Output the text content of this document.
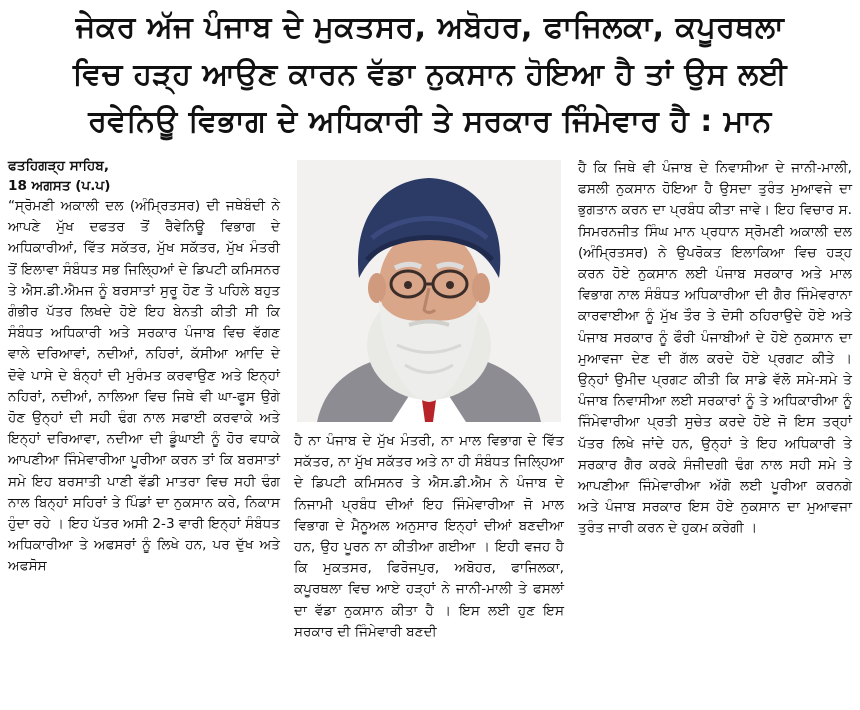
ਜੇਕਰ ਅੱਜ ਪੰਜਾਬ ਦੇ ਮੁਕਤਸਰ, ਅਬੋਹਰ, ਫਾਜਿਲਕਾ, ਕਪੂਰਥਲਾ
ਵਿਚ ਹੜ੍ਹ ਆਉਣ ਕਾਰਨ ਵੱਡਾ ਨੁਕਸਾਨ ਹੋਇਆ ਹੈ ਤਾਂ ਉਸ ਲਈ
ਰਵੇਨਿਊ ਵਿਭਾਗ ਦੇ ਅਧਿਕਾਰੀ ਤੇ ਸਰਕਾਰ ਜਿੰਮੇਵਾਰ ਹੈ : ਮਾਨ
ਫਤਹਿਗੜ੍ਹ ਸਾਹਿਬ,
18 ਅਗਸਤ (ਪ.ਪ)

“ਸ੍ਰੋਮਣੀ ਅਕਾਲੀ ਦਲ (ਅੰਮ੍ਰਿਤਸਰ) ਦੀ ਜਥੇਬੰਦੀ ਨੇ ਆਪਣੇ ਮੁੱਖ ਦਫਤਰ ਤੋਂ ਰੈਵੇਨਿਊ ਵਿਭਾਗ ਦੇ ਅਧਿਕਾਰੀਆਂ, ਵਿੱਤ ਸਕੱਤਰ, ਮੁੱਖ ਸਕੱਤਰ, ਮੁੱਖ ਮੰਤਰੀ ਤੋਂ ਇਲਾਵਾ ਸੰਬੰਧਤ ਸਭ ਜਿਲ੍ਹਿਆਂ ਦੇ ਡਿਪਟੀ ਕਮਿਸਨਰ ਤੇ ਐਸ.ਡੀ.ਐਮਜ ਨੂੰ ਬਰਸਾਤਾਂ ਸੁਰੂ ਹੋਣ ਤੋ ਪਹਿਲੇ ਬਹੁਤ ਗੰਭੀਰ ਪੱਤਰ ਲਿਖਦੇ ਹੋਏ ਇਹ ਬੇਨਤੀ ਕੀਤੀ ਸੀ ਕਿ ਸੰਬੰਧਤ ਅਧਿਕਾਰੀ ਅਤੇ ਸਰਕਾਰ ਪੰਜਾਬ ਵਿਚ ਵੱਗਣ ਵਾਲੇ ਦਰਿਆਵਾਂ, ਨਦੀਆਂ, ਨਹਿਰਾਂ, ਕੱਸੀਆ ਆਦਿ ਦੇ ਦੋਵੇ ਪਾਸੇ ਦੇ ਬੰਨ੍ਹਾਂ ਦੀ ਮੁਰੰਮਤ ਕਰਵਾਉਣ ਅਤੇ ਇਨ੍ਹਾਂ ਨਹਿਰਾਂ, ਨਦੀਆਂ, ਨਾਲਿਆ ਵਿਚ ਜਿਥੇ ਵੀ ਘਾ-ਫੂਸ ਉਗੇ ਹੋਣ ਉਨ੍ਹਾਂ ਦੀ ਸਹੀ ਢੰਗ ਨਾਲ ਸਫਾਈ ਕਰਵਾਕੇ ਅਤੇ ਇਨ੍ਹਾਂ ਦਰਿਆਵਾ, ਨਦੀਆ ਦੀ ਡੂੰਘਾਈ ਨੂੰ ਹੋਰ ਵਧਾਕੇ ਆਪਣੀਆ ਜਿੰਮੇਵਾਰੀਆ ਪੂਰੀਆ ਕਰਨ ਤਾਂ ਕਿ ਬਰਸਾਤਾਂ ਸਮੇ ਇਹ ਬਰਸਾਤੀ ਪਾਣੀ ਵੱਡੀ ਮਾਤਰਾ ਵਿਚ ਸਹੀ ਢੰਗ ਨਾਲ ਬਿਨ੍ਹਾਂ ਸਹਿਰਾਂ ਤੇ ਪਿੰਡਾਂ ਦਾ ਨੁਕਸਾਨ ਕਰੇ, ਨਿਕਾਸ ਹੁੰਦਾ ਰਹੇ । ਇਹ ਪੱਤਰ ਅਸੀ 2-3 ਵਾਰੀ ਇਨ੍ਹਾਂ ਸੰਬੰਧਤ ਅਧਿਕਾਰੀਆ ਤੇ ਅਫਸਰਾਂ ਨੂੰ ਲਿਖੇ ਹਨ, ਪਰ ਦੁੱਖ ਅਤੇ ਅਫਸੋਸ

ਹੈ ਨਾ ਪੰਜਾਬ ਦੇ ਮੁੱਖ ਮੰਤਰੀ, ਨਾ ਮਾਲ ਵਿਭਾਗ ਦੇ ਵਿੱਤ ਸਕੱਤਰ, ਨਾ ਮੁੱਖ ਸਕੱਤਰ ਅਤੇ ਨਾ ਹੀ ਸੰਬੰਧਤ ਜਿਲ੍ਹਿਆ ਦੇ ਡਿਪਟੀ ਕਮਿਸਨਰ ਤੇ ਐਸ.ਡੀ.ਐਮ ਨੇ ਪੰਜਾਬ ਦੇ ਨਿਜਾਮੀ ਪ੍ਰਬੰਧ ਦੀਆਂ ਇਹ ਜਿੰਮੇਵਾਰੀਆ ਜੋ ਮਾਲ ਵਿਭਾਗ ਦੇ ਮੈਨੂਅਲ ਅਨੁਸਾਰ ਇਨ੍ਹਾਂ ਦੀਆਂ ਬਣਦੀਆ ਹਨ, ਉਹ ਪੂਰਨ ਨਾ ਕੀਤੀਆ ਗਈਆ । ਇਹੀ ਵਜਹ ਹੈ ਕਿ ਮੁਕਤਸਰ, ਫਿਰੋਜਪੁਰ, ਅਬੋਹਰ, ਫਾਜਿਲਕਾ, ਕਪੂਰਥਲਾ ਵਿਚ ਆਏ ਹੜ੍ਹਾਂ ਨੇ ਜਾਨੀ-ਮਾਲੀ ਤੇ ਫਸਲਾਂ ਦਾ ਵੱਡਾ ਨੁਕਸਾਨ ਕੀਤਾ ਹੈ । ਇਸ ਲਈ ਹੁਣ ਇਸ ਸਰਕਾਰ ਦੀ ਜਿੰਮੇਵਾਰੀ ਬਣਦੀ

ਹੈ ਕਿ ਜਿਥੇ ਵੀ ਪੰਜਾਬ ਦੇ ਨਿਵਾਸੀਆ ਦੇ ਜਾਨੀ-ਮਾਲੀ, ਫਸਲੀ ਨੁਕਸਾਨ ਹੋਇਆ ਹੈ ਉਸਦਾ ਤੁਰੰਤ ਮੁਆਵਜੇ ਦਾ ਭੁਗਤਾਨ ਕਰਨ ਦਾ ਪ੍ਰਬੰਧ ਕੀਤਾ ਜਾਵੇ। ਇਹ ਵਿਚਾਰ ਸ. ਸਿਮਰਨਜੀਤ ਸਿੰਘ ਮਾਨ ਪ੍ਰਧਾਨ ਸ੍ਰੋਮਣੀ ਅਕਾਲੀ ਦਲ (ਅੰਮ੍ਰਿਤਸਰ) ਨੇ ਉਪਰੋਕਤ ਇਲਾਕਿਆ ਵਿਚ ਹੜ੍ਹ ਕਰਨ ਹੋਏ ਨੁਕਸਾਨ ਲਈ ਪੰਜਾਬ ਸਰਕਾਰ ਅਤੇ ਮਾਲ ਵਿਭਾਗ ਨਾਲ ਸੰਬੰਧਤ ਅਧਿਕਾਰੀਆ ਦੀ ਗੈਰ ਜਿੰਮੇਵਰਾਨਾ ਕਾਰਵਾਈਆ ਨੂੰ ਮੁੱਖ ਤੌਰ ਤੇ ਦੋਸੀ ਠਹਿਰਾਉਦੇ ਹੋਏ ਅਤੇ ਪੰਜਾਬ ਸਰਕਾਰ ਨੂੰ ਫੌਰੀ ਪੰਜਾਬੀਆਂ ਦੇ ਹੋਏ ਨੁਕਸਾਨ ਦਾ ਮੁਆਵਜਾ ਦੇਣ ਦੀ ਗੱਲ ਕਰਦੇ ਹੋਏ ਪ੍ਰਗਟ ਕੀਤੇ । ਉਨ੍ਹਾਂ ਉਮੀਦ ਪ੍ਰਗਟ ਕੀਤੀ ਕਿ ਸਾਡੇ ਵੱਲੋ ਸਮੇ-ਸਮੇ ਤੇ ਪੰਜਾਬ ਨਿਵਾਸੀਆ ਲਈ ਸਰਕਾਰਾਂ ਨੂੰ ਤੇ ਅਧਿਕਾਰੀਆ ਨੂੰ ਜਿੰਮੇਵਾਰੀਆ ਪ੍ਰਤੀ ਸੁਚੇਤ ਕਰਦੇ ਹੋਏ ਜੋ ਇਸ ਤਰ੍ਹਾਂ ਪੱਤਰ ਲਿਖੇ ਜਾਂਦੇ ਹਨ, ਉਨ੍ਹਾਂ ਤੇ ਇਹ ਅਧਿਕਾਰੀ ਤੇ ਸਰਕਾਰ ਗੈਰ ਕਰਕੇ ਸੰਜੀਦਗੀ ਢੰਗ ਨਾਲ ਸਹੀ ਸਮੇ ਤੇ ਆਪਣੀਆ ਜਿੰਮੇਵਾਰੀਆ ਅੱਗੋ ਲਈ ਪੂਰੀਆ ਕਰਨਗੇ ਅਤੇ ਪੰਜਾਬ ਸਰਕਾਰ ਇਸ ਹੋਏ ਨੁਕਸਾਨ ਦਾ ਮੁਆਵਜਾ ਤੁਰੰਤ ਜਾਰੀ ਕਰਨ ਦੇ ਹੁਕਮ ਕਰੇਗੀ ।
